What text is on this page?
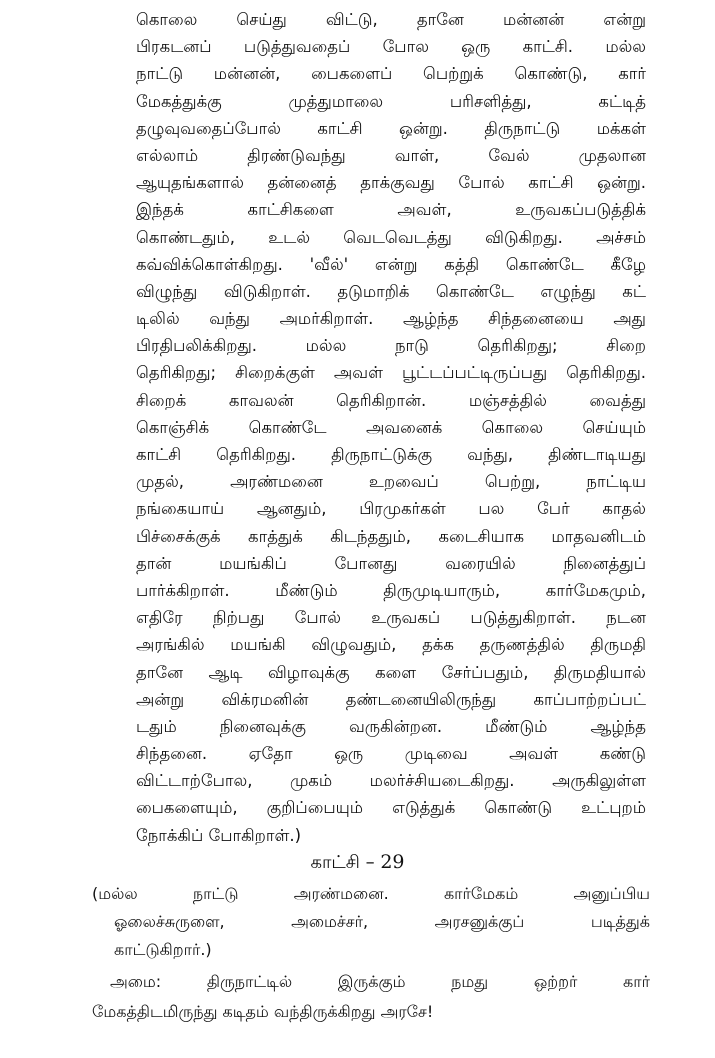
கொலை செய்து விட்டு, தானே மன்னன் என்று
பிரகடனப் படுத்துவதைப் போல ஒரு காட்சி. மல்ல
நாட்டு மன்னன், பைகளைப் பெற்றுக் கொண்டு, கார்
மேகத்துக்கு முத்துமாலை பரிசளித்து, கட்டித்
தழுவுவதைப்போல் காட்சி ஒன்று. திருநாட்டு மக்கள்
எல்லாம் திரண்டுவந்து வாள், வேல் முதலான
ஆயுதங்களால் தன்னைத் தாக்குவது போல் காட்சி ஒன்று.
இந்தக் காட்சிகளை அவள், உருவகப்படுத்திக்
கொண்டதும், உடல் வெடவெடத்து விடுகிறது. அச்சம்
கவ்விக்கொள்கிறது. 'வீல்' என்று கத்தி கொண்டே கீழே
விழுந்து விடுகிறாள். தடுமாறிக் கொண்டே எழுந்து கட்
டிலில் வந்து அமர்கிறாள். ஆழ்ந்த சிந்தனையை அது
பிரதிபலிக்கிறது. மல்ல நாடு தெரிகிறது; சிறை
தெரிகிறது; சிறைக்குள் அவள் பூட்டப்பட்டிருப்பது தெரிகிறது.
சிறைக் காவலன் தெரிகிறான். மஞ்சத்தில் வைத்து
கொஞ்சிக் கொண்டே அவனைக் கொலை செய்யும்
காட்சி தெரிகிறது. திருநாட்டுக்கு வந்து, திண்டாடியது
முதல், அரண்மனை உறவைப் பெற்று, நாட்டிய
நங்கையாய் ஆனதும், பிரமுகர்கள் பல பேர் காதல்
பிச்சைக்குக் காத்துக் கிடந்ததும், கடைசியாக மாதவனிடம்
தான் மயங்கிப் போனது வரையில் நினைத்துப்
பார்க்கிறாள். மீண்டும் திருமுடியாரும், கார்மேகமும்,
எதிரே நிற்பது போல் உருவகப் படுத்துகிறாள். நடன
அரங்கில் மயங்கி விழுவதும், தக்க தருணத்தில் திருமதி
தானே ஆடி விழாவுக்கு களை சேர்ப்பதும், திருமதியால்
அன்று விக்ரமனின் தண்டனையிலிருந்து காப்பாற்றப்பட்
டதும் நினைவுக்கு வருகின்றன. மீண்டும் ஆழ்ந்த
சிந்தனை. ஏதோ ஒரு முடிவை அவள் கண்டு
விட்டாற்போல, முகம் மலர்ச்சியடைகிறது. அருகிலுள்ள
பைகளையும், குறிப்பையும் எடுத்துக் கொண்டு உட்புறம்
நோக்கிப் போகிறாள்.)
காட்சி – 29
(மல்ல நாட்டு அரண்மனை. கார்மேகம் அனுப்பிய
ஓலைச்சுருளை, அமைச்சர், அரசனுக்குப் படித்துக்
காட்டுகிறார்.)
அமை: திருநாட்டில் இருக்கும் நமது ஒற்றர் கார்
மேகத்திடமிருந்து கடிதம் வந்திருக்கிறது அரசே!
